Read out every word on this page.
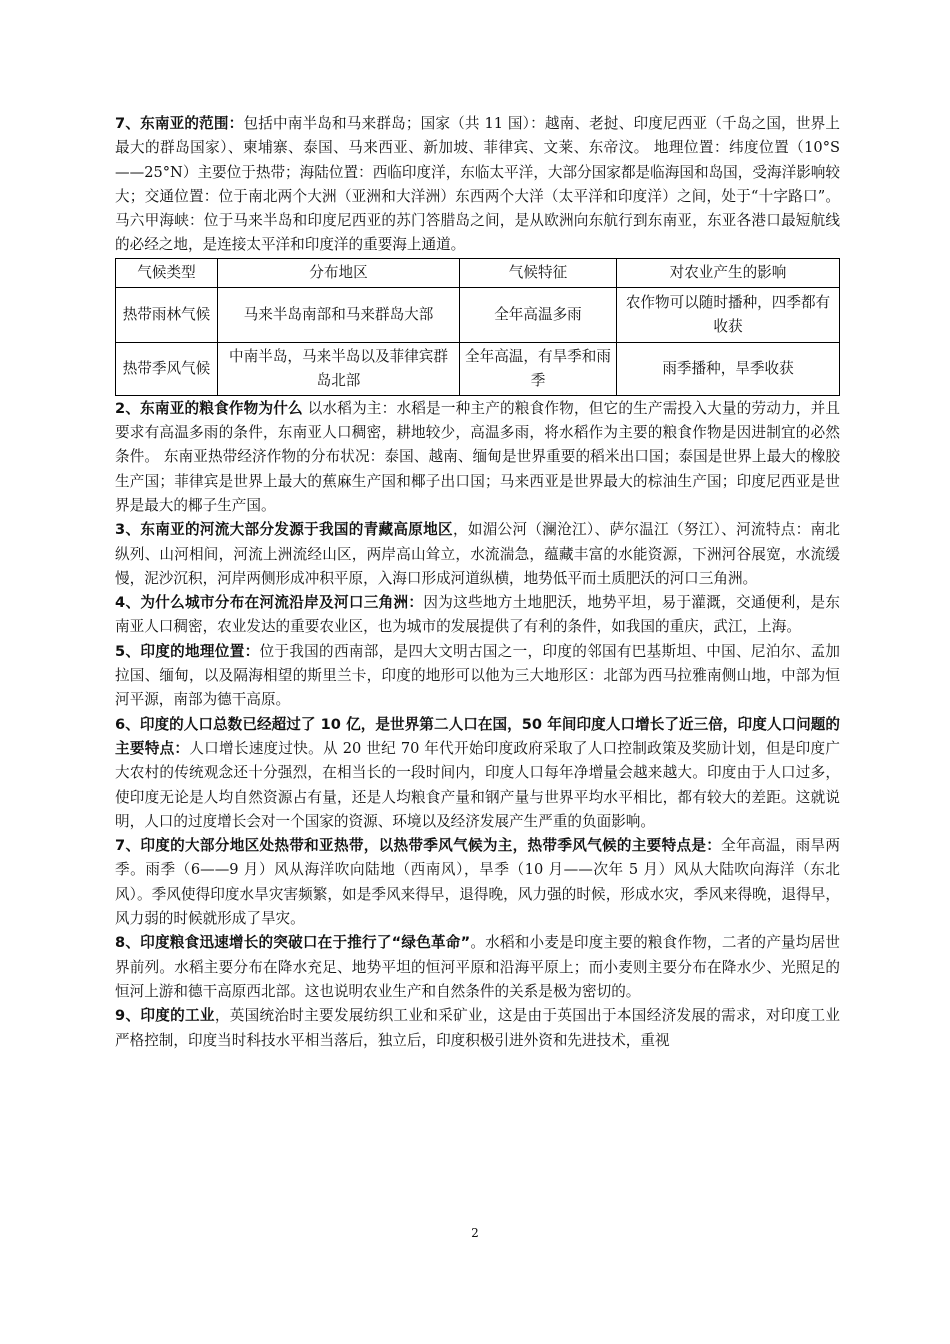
7、东南亚的范围：包括中南半岛和马来群岛；国家（共 11 国）：越南、老挝、印度尼西亚（千岛之国，世界上最大的群岛国家）、柬埔寨、泰国、马来西亚、新加坡、菲律宾、文莱、东帝汶。 地理位置：纬度位置（10°S——25°N）主要位于热带；海陆位置：西临印度洋，东临太平洋，大部分国家都是临海国和岛国，受海洋影响较大；交通位置：位于南北两个大洲（亚洲和大洋洲）东西两个大洋（太平洋和印度洋）之间，处于“十字路口”。 马六甲海峡：位于马来半岛和印度尼西亚的苏门答腊岛之间，是从欧洲向东航行到东南亚，东亚各港口最短航线的必经之地，是连接太平洋和印度洋的重要海上通道。

气候类型	分布地区	气候特征	对农业产生的影响
热带雨林气候	马来半岛南部和马来群岛大部	全年高温多雨	农作物可以随时播种，四季都有收获
热带季风气候	中南半岛，马来半岛以及菲律宾群岛北部	全年高温，有旱季和雨季	雨季播种，旱季收获

2、东南亚的粮食作物为什么 以水稻为主：水稻是一种主产的粮食作物，但它的生产需投入大量的劳动力，并且要求有高温多雨的条件，东南亚人口稠密，耕地较少，高温多雨，将水稻作为主要的粮食作物是因进制宜的必然条件。 东南亚热带经济作物的分布状况：泰国、越南、缅甸是世界重要的稻米出口国；泰国是世界上最大的橡胶生产国；菲律宾是世界上最大的蕉麻生产国和椰子出口国；马来西亚是世界最大的棕油生产国；印度尼西亚是世界是最大的椰子生产国。

3、东南亚的河流大部分发源于我国的青藏高原地区，如湄公河（澜沧江）、萨尔温江（努江）、河流特点：南北纵列、山河相间，河流上洲流经山区，两岸高山耸立，水流湍急，蕴藏丰富的水能资源，下洲河谷展宽，水流缓慢，泥沙沉积，河岸两侧形成冲积平原，入海口形成河道纵横，地势低平而土质肥沃的河口三角洲。

4、为什么城市分布在河流沿岸及河口三角洲：因为这些地方土地肥沃，地势平坦，易于灌溉，交通便利，是东南亚人口稠密，农业发达的重要农业区，也为城市的发展提供了有利的条件，如我国的重庆，武江，上海。

5、印度的地理位置：位于我国的西南部，是四大文明古国之一，印度的邻国有巴基斯坦、中国、尼泊尔、孟加拉国、缅甸，以及隔海相望的斯里兰卡，印度的地形可以他为三大地形区：北部为西马拉雅南侧山地，中部为恒河平源，南部为德干高原。

6、印度的人口总数已经超过了 10 亿，是世界第二人口在国，50 年间印度人口增长了近三倍，印度人口问题的主要特点：人口增长速度过快。从 20 世纪 70 年代开始印度政府采取了人口控制政策及奖励计划，但是印度广大农村的传统观念还十分强烈，在相当长的一段时间内，印度人口每年净增量会越来越大。印度由于人口过多，使印度无论是人均自然资源占有量，还是人均粮食产量和钢产量与世界平均水平相比，都有较大的差距。这就说明，人口的过度增长会对一个国家的资源、环境以及经济发展产生严重的负面影响。

7、印度的大部分地区处热带和亚热带，以热带季风气候为主，热带季风气候的主要特点是：全年高温，雨旱两季。雨季（6——9 月）风从海洋吹向陆地（西南风），旱季（10 月——次年 5 月）风从大陆吹向海洋（东北风）。季风使得印度水旱灾害频繁，如是季风来得早，退得晚，风力强的时候，形成水灾，季风来得晚，退得早，风力弱的时候就形成了旱灾。

8、印度粮食迅速增长的突破口在于推行了“绿色革命”。水稻和小麦是印度主要的粮食作物，二者的产量均居世界前列。水稻主要分布在降水充足、地势平坦的恒河平原和沿海平原上；而小麦则主要分布在降水少、光照足的恒河上游和德干高原西北部。这也说明农业生产和自然条件的关系是极为密切的。

9、印度的工业，英国统治时主要发展纺织工业和采矿业，这是由于英国出于本国经济发展的需求，对印度工业严格控制，印度当时科技水平相当落后，独立后，印度积极引进外资和先进技术，重视

2
